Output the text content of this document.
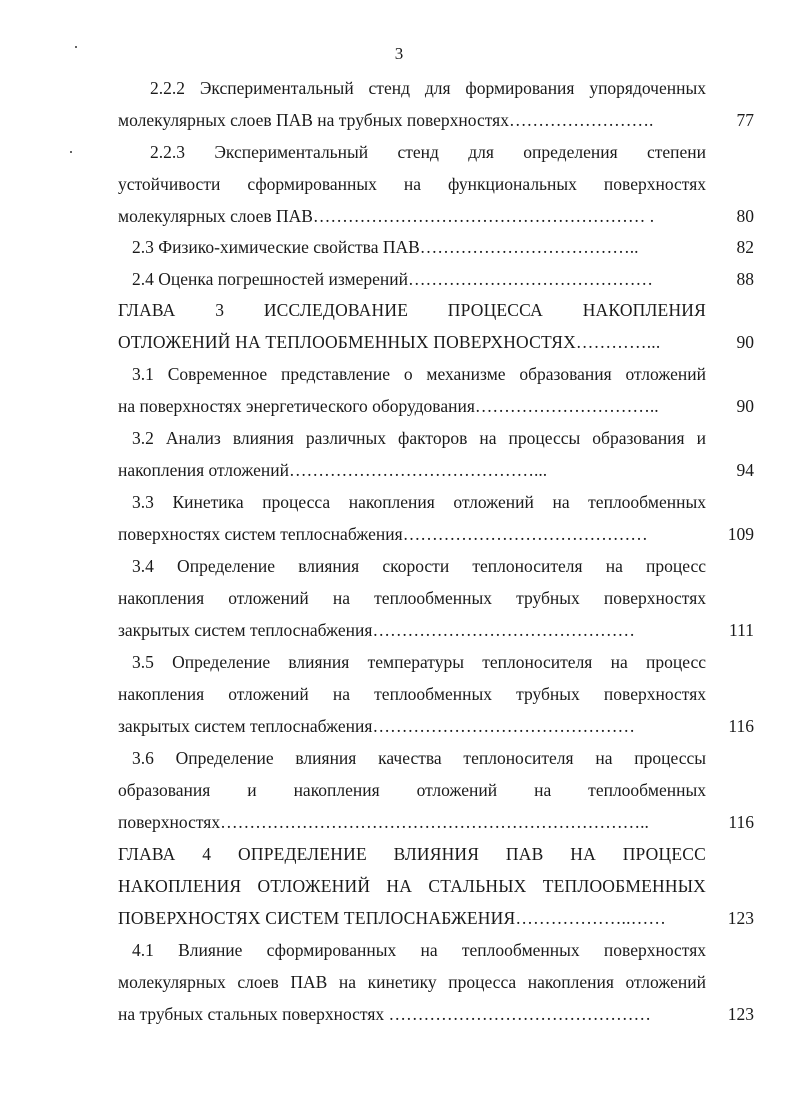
3
2.2.2 Экспериментальный стенд для формирования упорядоченных
молекулярных слоев ПАВ на трубных поверхностях…………………….	77
2.2.3 Экспериментальный стенд для определения степени
устойчивости сформированных на функциональных поверхностях
молекулярных слоев ПАВ………………………………………………… .	80
2.3 Физико-химические свойства ПАВ………………………………..	82
2.4 Оценка погрешностей измерений……………………………………	88
ГЛАВА 3 ИССЛЕДОВАНИЕ ПРОЦЕССА НАКОПЛЕНИЯ
ОТЛОЖЕНИЙ НА ТЕПЛООБМЕННЫХ ПОВЕРХНОСТЯХ…………...	90
3.1 Современное представление о механизме образования отложений
на поверхностях энергетического оборудования…………………………..	90
3.2 Анализ влияния различных факторов на процессы образования и
накопления отложений……………………………………...	94
3.3 Кинетика процесса накопления отложений на теплообменных
поверхностях систем теплоснабжения……………………………………	109
3.4 Определение влияния скорости теплоносителя на процесс
накопления отложений на теплообменных трубных поверхностях
закрытых систем теплоснабжения………………………………………	111
3.5 Определение влияния температуры теплоносителя на процесс
накопления отложений на теплообменных трубных поверхностях
закрытых систем теплоснабжения………………………………………	116
3.6 Определение влияния качества теплоносителя на процессы
образования и накопления отложений на теплообменных
поверхностях………………………………………………………………..	116
ГЛАВА 4 ОПРЕДЕЛЕНИЕ ВЛИЯНИЯ ПАВ НА ПРОЦЕСС
НАКОПЛЕНИЯ ОТЛОЖЕНИЙ НА СТАЛЬНЫХ ТЕПЛООБМЕННЫХ
ПОВЕРХНОСТЯХ СИСТЕМ ТЕПЛОСНАБЖЕНИЯ………………..……	123
4.1 Влияние сформированных на теплообменных поверхностях
молекулярных слоев ПАВ на кинетику процесса накопления отложений
на трубных стальных поверхностях ………………………………………	123
